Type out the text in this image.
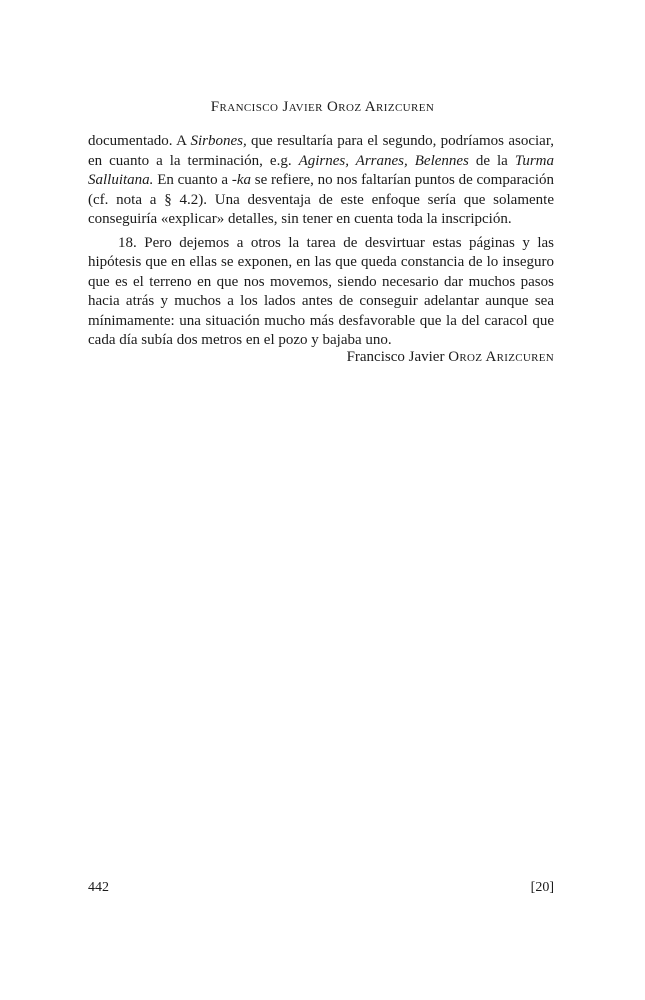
Francisco Javier Oroz Arizcuren

documentado. A Sirbones, que resultaría para el segundo, podríamos asociar, en cuanto a la terminación, e.g. Agirnes, Arranes, Belennes de la Turma Salluitana. En cuanto a -ka se refiere, no nos faltarían puntos de comparación (cf. nota a § 4.2). Una desventaja de este enfoque sería que solamente conseguiría «explicar» detalles, sin tener en cuenta toda la inscripción.

18. Pero dejemos a otros la tarea de desvirtuar estas páginas y las hipótesis que en ellas se exponen, en las que queda constancia de lo inseguro que es el terreno en que nos movemos, siendo necesario dar muchos pasos hacia atrás y muchos a los lados antes de conseguir adelantar aunque sea mínimamente: una situación mucho más desfavorable que la del caracol que cada día subía dos metros en el pozo y bajaba uno.

Francisco Javier Oroz Arizcuren
442	[20]
